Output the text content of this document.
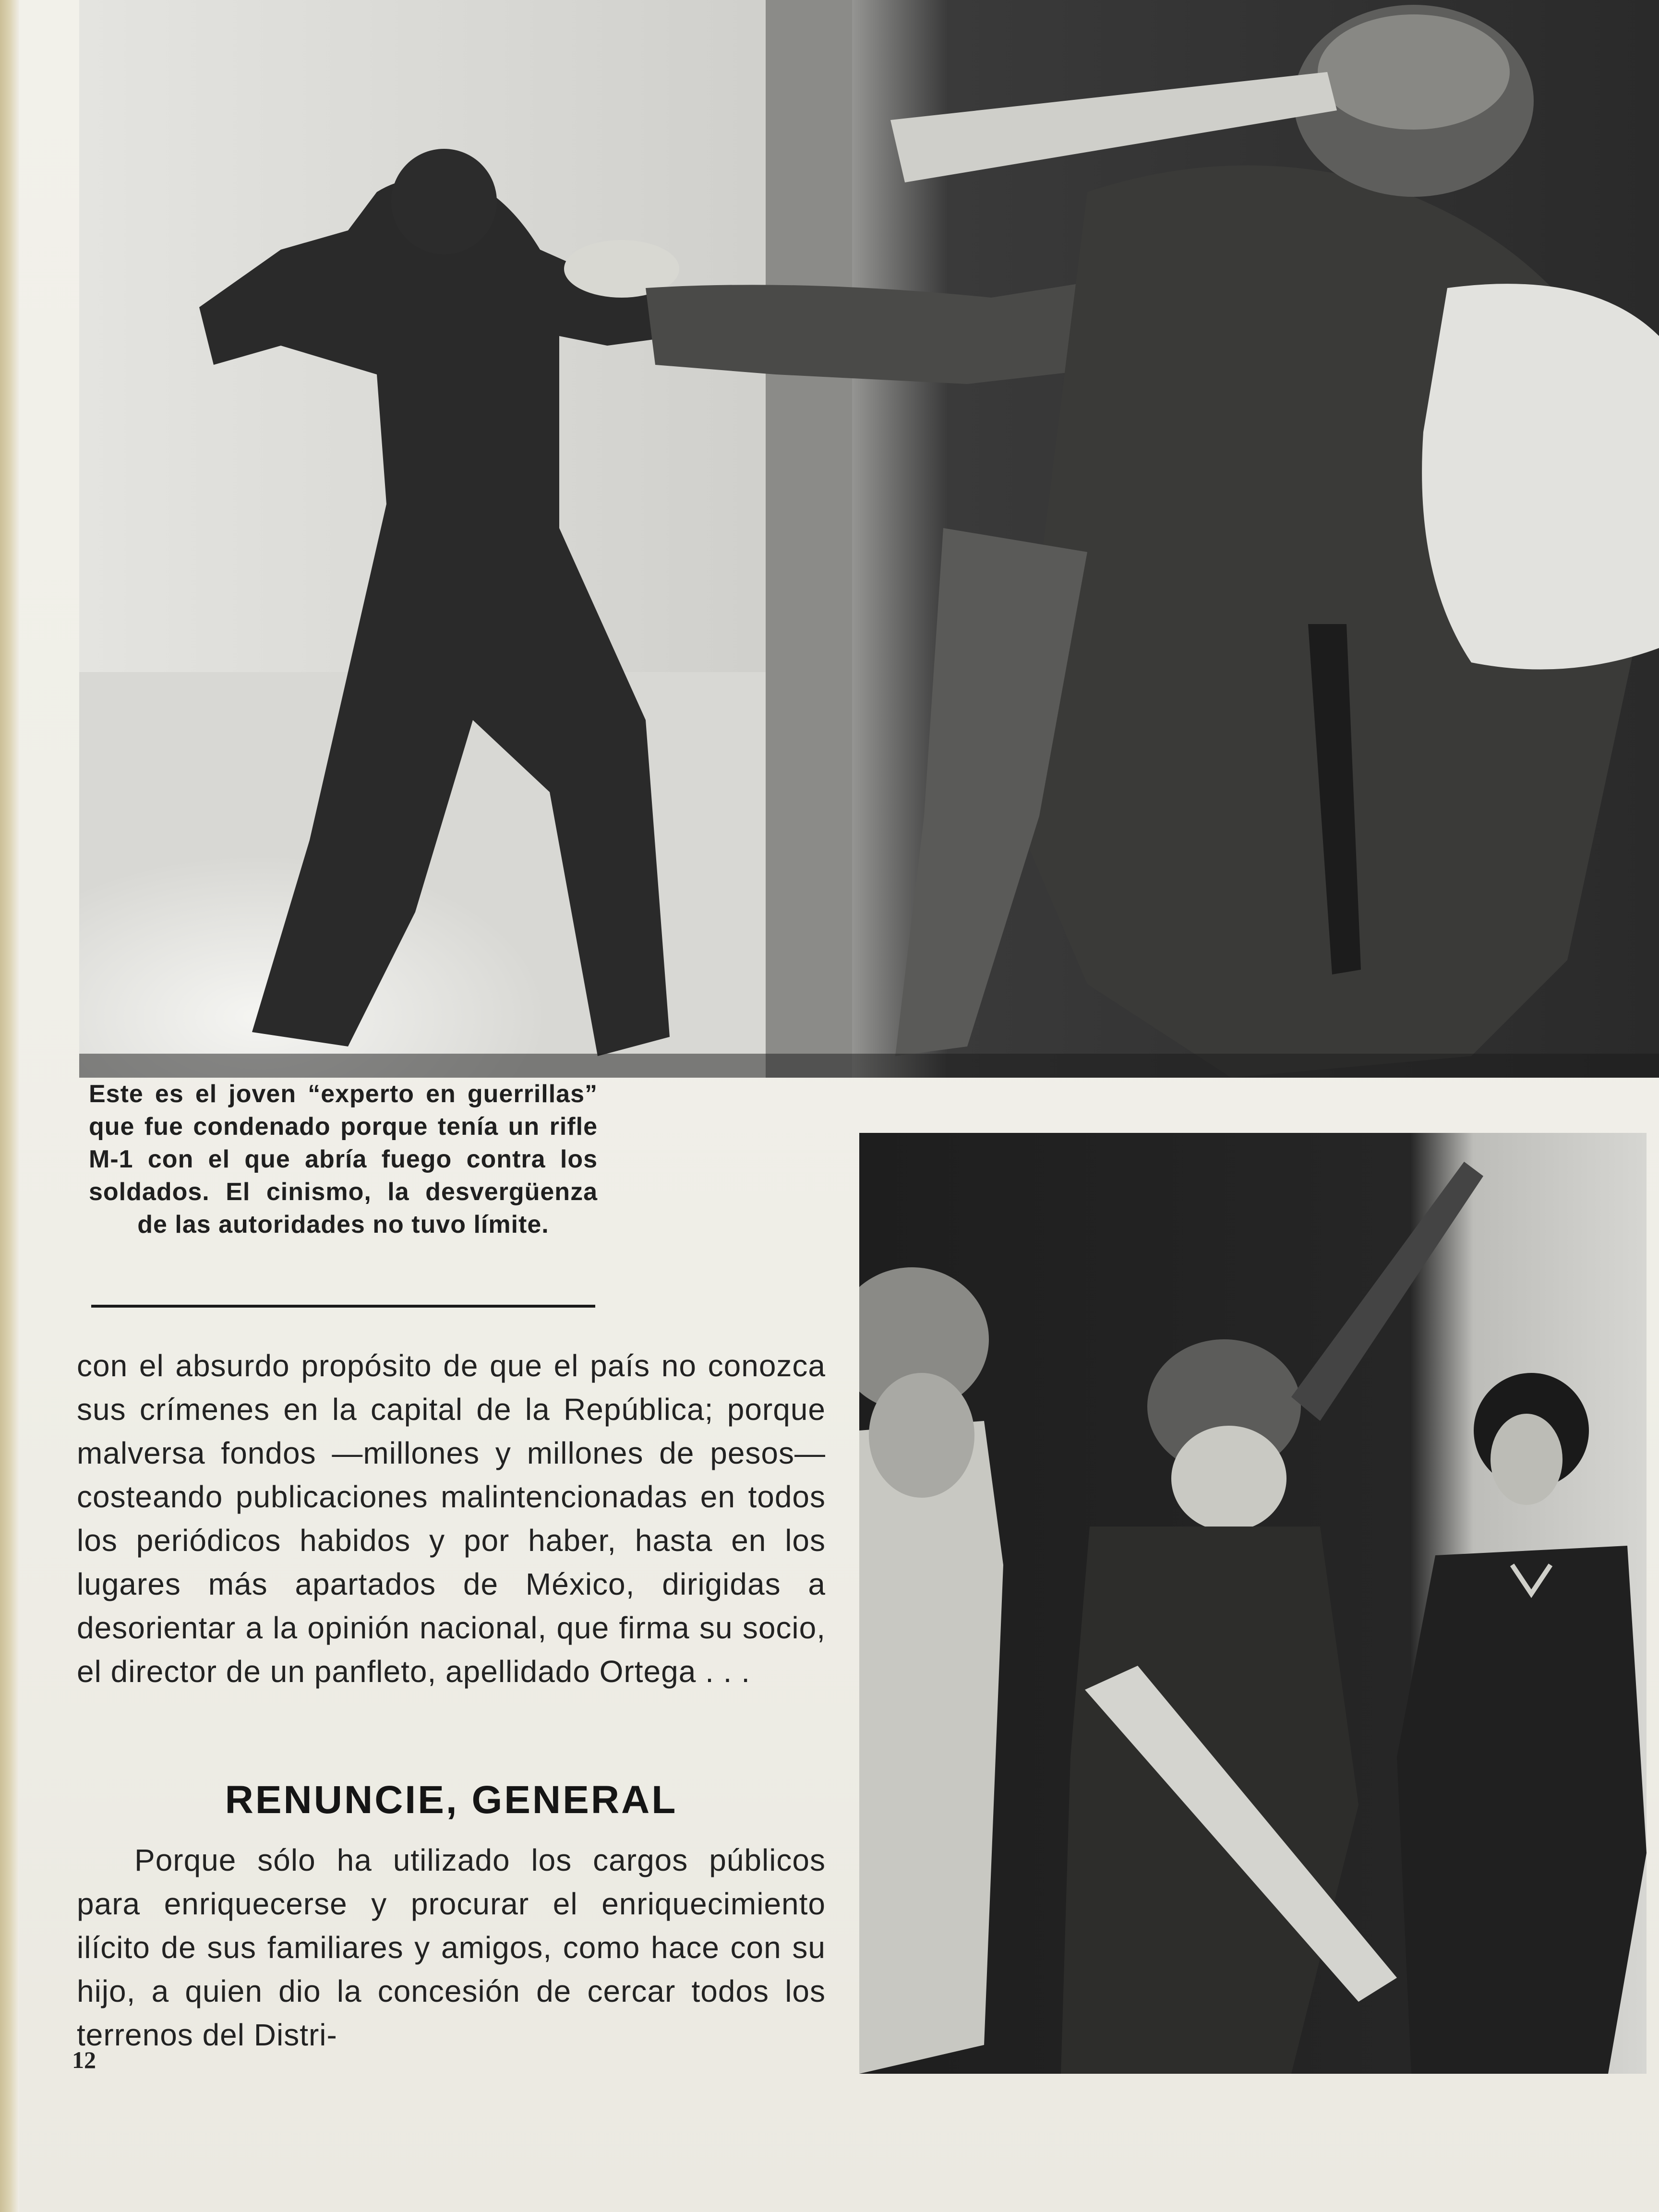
Este es el joven “experto en guerrillas” que fue condenado porque tenía un rifle M-1 con el que abría fuego contra los soldados. El cinismo, la desvergüenza de las autoridades no tuvo límite.
con el absurdo propósito de que el país no conozca sus crímenes en la capital de la República; porque malversa fondos —millones y millones de pesos— costeando publicaciones malintencionadas en todos los periódicos habidos y por haber, hasta en los lugares más apartados de México, dirigidas a desorientar a la opinión nacional, que firma su socio, el director de un panfleto, apellidado Ortega . . .
RENUNCIE, GENERAL
Porque sólo ha utilizado los cargos públicos para enriquecerse y procurar el enriquecimiento ilícito de sus familiares y amigos, como hace con su hijo, a quien dio la concesión de cercar todos los terrenos del Distri-
12
